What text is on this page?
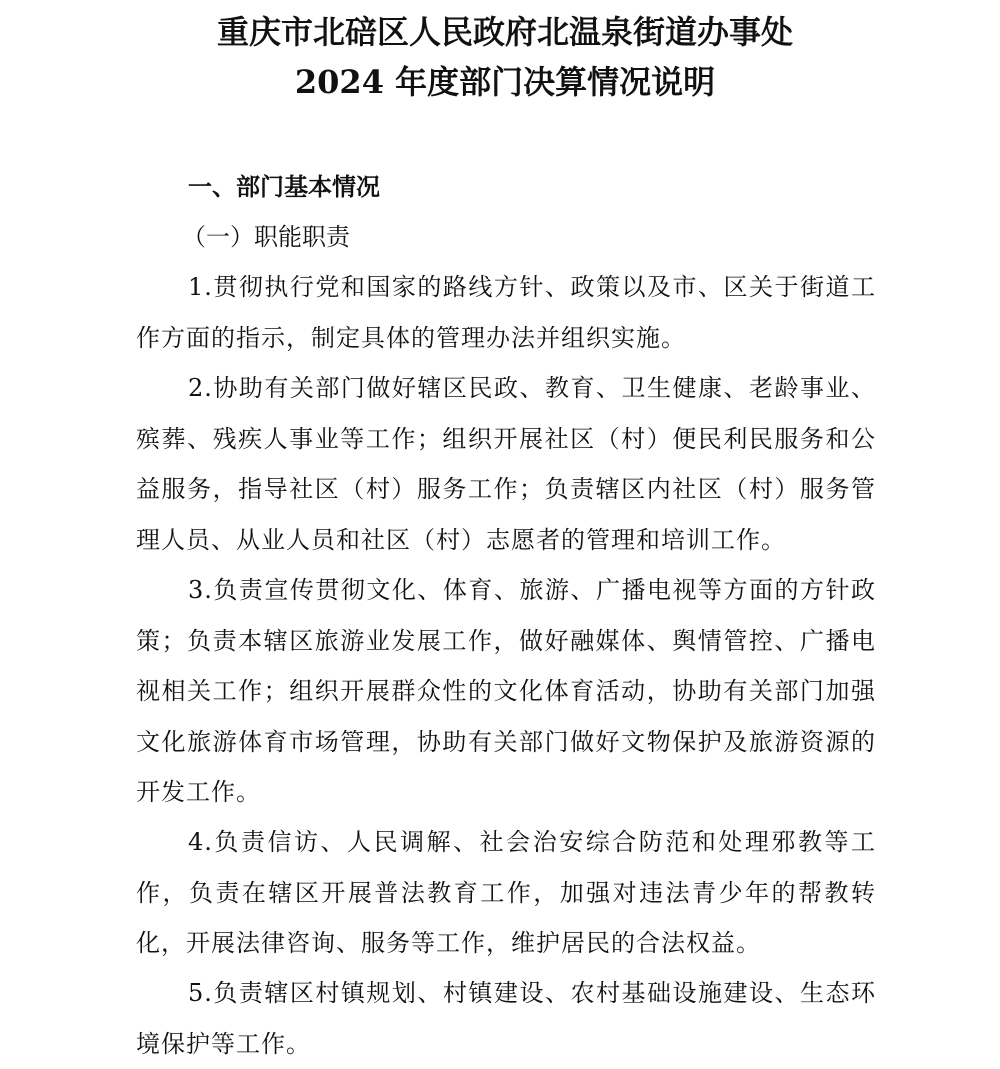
重庆市北碚区人民政府北温泉街道办事处
2024 年度部门决算情况说明
一、部门基本情况
（一）职能职责

1.贯彻执行党和国家的路线方针、政策以及市、区关于街道工作方面的指示，制定具体的管理办法并组织实施。

2.协助有关部门做好辖区民政、教育、卫生健康、老龄事业、殡葬、残疾人事业等工作；组织开展社区（村）便民利民服务和公益服务，指导社区（村）服务工作；负责辖区内社区（村）服务管理人员、从业人员和社区（村）志愿者的管理和培训工作。

3.负责宣传贯彻文化、体育、旅游、广播电视等方面的方针政策；负责本辖区旅游业发展工作，做好融媒体、舆情管控、广播电视相关工作；组织开展群众性的文化体育活动，协助有关部门加强文化旅游体育市场管理，协助有关部门做好文物保护及旅游资源的开发工作。

4.负责信访、人民调解、社会治安综合防范和处理邪教等工作，负责在辖区开展普法教育工作，加强对违法青少年的帮教转化，开展法律咨询、服务等工作，维护居民的合法权益。

5.负责辖区村镇规划、村镇建设、农村基础设施建设、生态环境保护等工作。
